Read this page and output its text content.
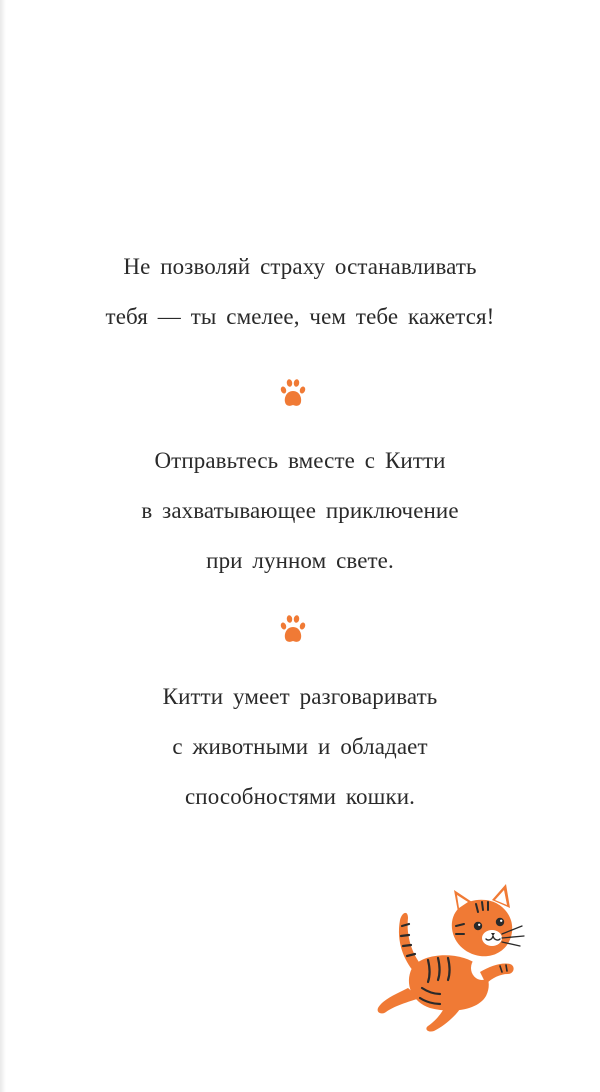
Не позволяй страху останавливать
тебя — ты смелее, чем тебе кажется!
Отправьтесь вместе с Китти
в захватывающее приключение
при лунном свете.
Китти умеет разговаривать
с животными и обладает
способностями кошки.
